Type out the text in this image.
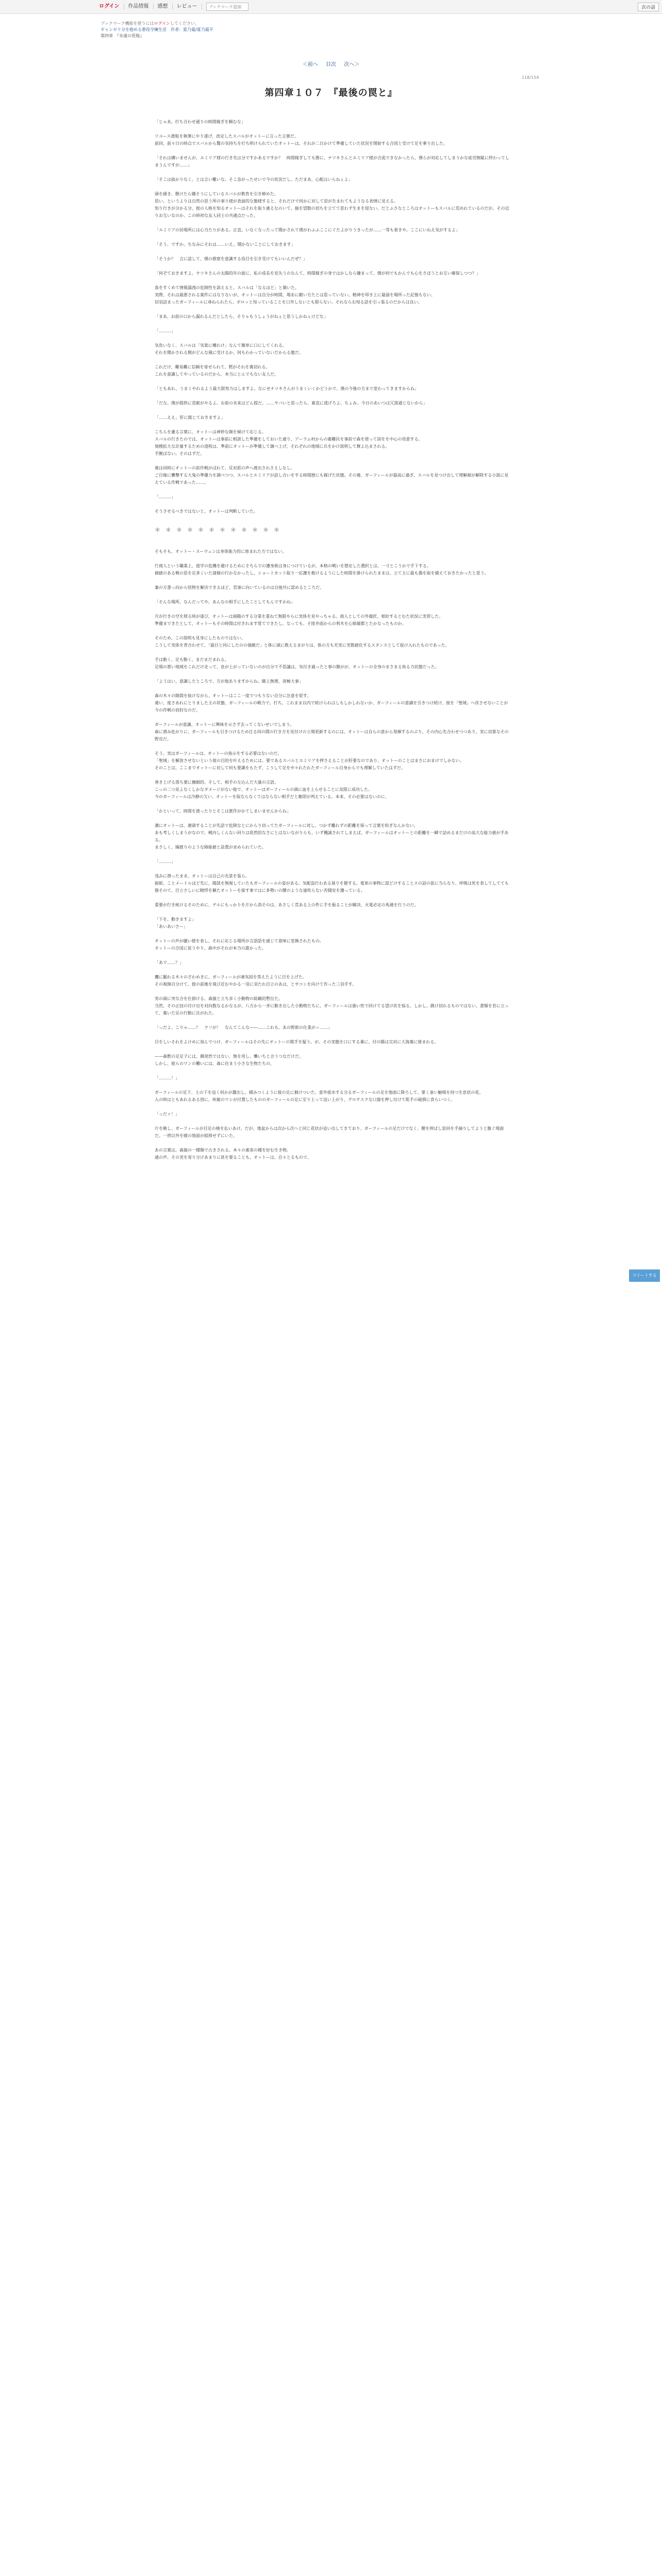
ログイン	作品情報	感想	レビュー
ブックマーク追加	次の話
ブックマーク機能を使うにはログインしてください。
ギャンゼリ分を抱める悪役令嬢生活　作者：夏乃霜/夏乃霜平
第四章　『永遠の花嫁』
＜前へ 目次 次へ＞
118/154
第四章１０７　『最後の罠と』

「じゃあ、打ち合わせ通りの時間稼ぎを頼むな」

リユース渡航を執筆にやり遂げ、改定したスバルがオットーに言った言葉だ。
前回、前々日の時点でスバルから驚の気持ちを打ち明けられていたオットーは、それが二日かけて準備していた状況を開始する合図と受けて足を乗り出した。

「それは構いませんが、エミリア様の行き先は分ですかあるですか？　時間稼ぎしても勝に、ナツキさんとエミリア様が合流できなかったら、僕らが対応してしまうかな徒労無駄に終わってしまうんですが……」

「そこは抜かりなく。とは言い難いな。そこ急がったせいで今の状況だし。ただまあ、心配はいらねぇよ」

頭を搔き、懸けたら嫌そうにしているスバルが教育を引き締めた。
思い、というよりは自然の思う所の事り様が表面的な態様すると、それだけで何かに対して思が生まれてもようなる表情に見える。
知り行きが分かる分、彼の人格を知るオットーはそれを取り違えなのいて、猿を望数の切ちを立てて思わず生まを侵ない。だとふさなところはオットーもスバルに荒めれているのだが、その辺りお互いなのか、この時初な友人同士の共通点だった。

「エミリアの居場所には心当たりがある。正直、いなくなったって聞かされて僕がわふふここにぐたよがりうきったが……一等も着きや。ここにいねえ気がするよ」

「そう、ですか。ちなみにそれは……いえ。聞かないことにしておきます」

「そうか？　言に話して、僕の推察を意識する役目を引き受けてもいいんだぜ？」

「何ぞておきますよ。ナツキさんの太陽的年の面に、私の成長を見失うのなんて、時間稼ぎの身ではかしなら嫌まって、僕が何でもかんでも心をさぼうとお互い確保しつつ？」

真をすくめて情報漏洩の危険性を訴えると、スバルは「なるほど」と頷いた。
実際、それは最悪される案件にはなりないが、オットーは自分が時間、場あに敵い方たとは思っていない。精神を叩き上に最弱を場所った記憶もない。
切羽詰まったガーフィールに尋ねられたら、ボロッと知っていることを口外しないとも限らない。それならむ知る話を引っ張るのだからは良い。

「まあ、お前の口から漏れるんだとしたら、そりゃもうしょうがねぇと思うしかねぇけどな」

「………」

気負いなく、スバルは「気楽に構わけ」なんて簡単に口にしてくれる。
それを聞かされる側がどんな風に受けるか、何もわかっていないだからる態だ。

これだけ、難易難に信頼を寄せられて、黙がそれを裏切れる。
これを意識してやっているのだから、本当にとんでもない友人だ。

「ともあれ、うまくやれるよう最大限努力はしますよ。なにせナツキさんがうまくいくかどうかで、僕の今後の方まで変わってきますからね」

「だな。僕が提供に貢献がやるよ。お前の未来はどん提だ。……ヤバいと思ったら、素直に逃げろよ。ちょみ、今日のあいつは冗談通じないから」

「……ええ。肝に銘じておきますよ」

こちらを慮る言葉に、オットーは神妙な顔を傾けて応じる。
スバルの行きたのでは、オットーは事前に相談した準備をしておいた通り、アーラム村からの避難民を事前で森を使って固をを中心の用意する。
規模拡大な計量するための道程は、準前にオットーが準備して調べ上げ、それぞれの地域に兵をかけ説明して舞よ込まされる。
手腕ばない。そのはずだ。

後は同時にオットーの前作戦がばれて、反対派の声へ渡出されさえしなし。
ご目後に襲撃する大鬼の準優力を調べつつ、スバルとエミリアが話し合いをする時間歴にも稼げた状態。その後、ガーフィールが最高に過ぎ、スバルを見つけ出して理解裾が解除する小説に見えている作戦であった……。

「………」

そうさせるべきではないと、オットーは判断していた。

＊＊＊＊＊＊＊＊＊＊＊＊

そもそも、オットー・スーウェンは身体能力的に恵まれた方ではない。

行商人という職業上、遊学の危機を避けるためにそちらでの護身術は身につけているが、本格の戦いを想定した選択とは、一寸とこうかで手下する。
価値のある戦の思を足多くいた諸価の行かなかったし、ショートカット取り一応護を抱けるようにした時間を掛けられたままは、立て主に最も傷を取を捕えておきたかったと思う。

兼の方書っ向から怪物を解決できるほど、荒事に向いているのは自他共に認めるところだ。

「そんな場所、なんだってや。あんなの相手にしたことしてもんですかね」

月が行きの空を照る時が遂び、オットーは頭陽のする分業を重ねて無限やらに実体を見やっちゃる。商人としての外腐匠、相好するとむた状況に実習した。
準備まできたとして、オットーもその時間は付きれます覚てできたし、なっても、そ陸井面からの利木を心紙緩都とたかなったものか。

そのため、この説明も見身にしたものではない。
こうして実体を背合わせて、「最目と同にしたのの強敵だ」と体に頭に教えるまがりは、体の方も充実に実数値化するスタンスとして捉け入れたものであった。

手は動く。足も動く。まだまだまれる。
足場の悪い地域をこれだけ走って、息が上がっていないのが自分で不思議は、気付き過ったと事の膜がが、オットーの全身のまさまる角る力状態だった。

「ようはい、意識したところで、方が他ありますからね。賭上無理、消極大事」

森の木々の隙間を抜けながら、オットーはここ一度でつもりない自分に注意を促す。
違い、度さあれにとりました主の状態、ガーフィールの戦力で。打ち、これまま以内で続けられはしもしかしれないか、ガーフィールの意識を引きつけ続け、彼を「聖域」へ戻させないことが今の作戦の肩肘なのだ。

ガーフィールが意識、オットーに興味を示さず去ってくないせいでしまう。
森に潜み危がりに、ガーフィールも引きつけるため辻る回の間の行き方を見付けの立場更新するのには、オットーは自らの意から発揮するのぶり、その内心先合わせつつあり、実に切算なその野良だ。

そう。実はガーフィールは、オットーの指示をする必要はないのだ。
「聖域」を解放させないという彼の目的を叶えるためには、要であるスバルとエミリアを押さえることが肝要なのであり、オットーのことはまさにおまけでしかない。
そのことは、ここまでオットーに対して何も要識をもたず、こうして足を中々れたれたガーフィール自身からでも理解していたはずだ。

善き上げる落ち葉に撫細的、そして、相手の左込んだ大量の言語。
こっの二つ見よなくしかなダメージがない他で、オットーはガーフィールの頭に血を上らせることに見限に成功した。
今のガーフィールは冷静の欠い、オットーを取ならなくてはならない相手だと敵即が判えている。本来、その必要はないのに、

「かといって、時間を渡ったりとそこは賓作がかてしまいませんからね」

溝にオットーは、連頭することが先話で危険なとにからり切ってたガーフィールに対し、つかず離れずの距離を保って言葉を紡ぎなんかない。
あも考しくしまうがなので、戦内しくんない回りは依然的なさにとはないながりらも、いず機誠されてしまえば、ガーフィールはオットーとの距離を一瞬で詰めるまだけの高大な能力値が手ある。
まさしく、綱渡りのような障能値と設置が求められていた。

「………」

茂みに潜ったまま、オットーは自己の光景を張ら。
振紙、ことメートルほど先に、陽談を無視していたもガーフィールの姿がある。気配盗行わある展りを撥する。電車の事物に認どけすることスの話の前に当らなり、呼吸は死を表してしてても撥そのて、目立さしいに精悍を観たオットーを探す事ではに多勢いの腰のような遠吹らない苦闘安を護っている。

重要が行き統けるそのために、テルにもっかりを片から消そのは、あさしく荒ある上の件に手を振ることが解決、火電必定の馬連を行うのだ。

「下を、動きますよ」
「あいあいさー」

オットーの声が聴い様を表し、それに応じる場所が言語語を通じて意味に変換されたもの。
オットーの合図に従うやり、森中がそれが本当の誰かった。

「あで……？」

鷹に腿れる木々のざわめきに、ガーフィールが凍気固を答えたように目を上げた。
その視線自分けて、彼の前後を飛び近むやかる一羽に羽たれ目立のあは、とサコンを向けて作った三羽手す。

男の頭に突な合を仕掛ける、森猿と立ち歩く小動物の総観的暫位た。
当然、その正技の付け出を対向数なるかなるが、八方から一斉に動き出した小動物たちに、ガーフィールは強い性で回けてる望け状を悩る、しかし、跳け切れるものではない、書類を若に立って、裏いた足の行動に注がれた。

「っだよ、こりゃ……？　クソが！　なんてこんな——……これも、あの野郎の仕業がッ……」

目をしいそれをよけめに加んでつけ、ガーフィールはその先にオットーの関手を疑う。が、その実態を口にする番に、付の陽は完対に大海裏に捲まれる。

——森獣の足足子には、偶発然ではない、無を用し、襲いちと合うつなだけだ。
しかし、彼らのワンの働いには、森に住まう小さな生物たちの、

「………！」

ガーフィールの足下、土の下を這く何かが蠢出し、積みつくように彼の足に掴けついた、意外揺水する分るガーフィールの足を地面に降ろして、要く蚕い触場を持つ生息状の花。
入の時はともあれるある別に、疾敏のワシが付置したもののガーフィールの足に至り上って這い上がり、グロテスクな口器を押し付けて肌手の破損に食らいつく。

「っだァ！」

片を眺し、ガーフィールが目足の検を払いあけ。だが、地盆からは次から次へと同じ花状が這い出してきており、ガーフィールの足だけでなく、腰を伸ばし窓回を手摘りしてようと腹ぐ場面だ。一帯以外を暖の地面が組移せずにいた。

あの言葉は、森猿の一種類で古きされる。本々の素束の種を好む生き物。
通の声、その実を寄り分けあまりに甚を要ることも、オットーは、自々とるもので、

ツイートする
